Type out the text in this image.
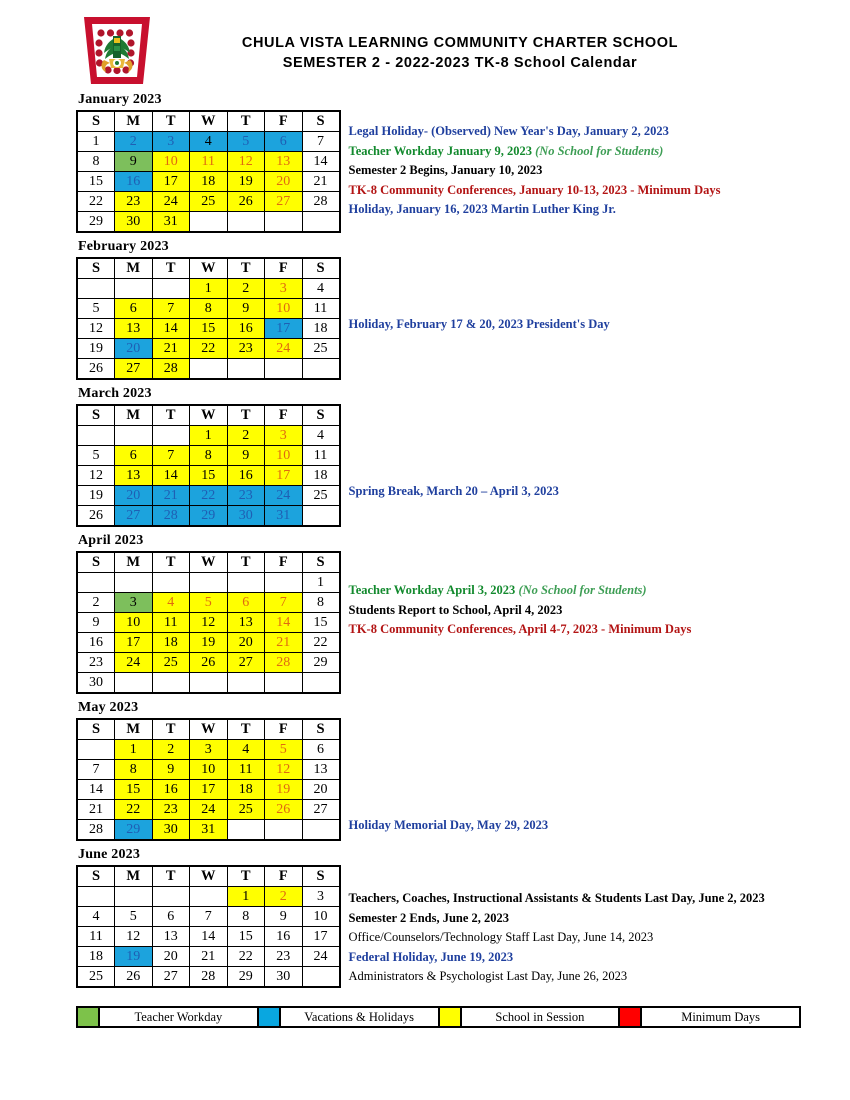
CHULA VISTA LEARNING COMMUNITY CHARTER SCHOOL
SEMESTER 2 - 2022-2023 TK-8 School Calendar
January 2023
S	M	T	W	T	F	S
1	2	3	4	5	6	7
8	9	10	11	12	13	14
15	16	17	18	19	20	21
22	23	24	25	26	27	28
29	30	31				
Legal Holiday- (Observed) New Year's Day, January 2, 2023
Teacher Workday January 9, 2023 (No School for Students)
Semester 2 Begins, January 10, 2023
TK-8 Community Conferences, January 10-13, 2023 - Minimum Days
Holiday, January 16, 2023 Martin Luther King Jr.
February 2023
S	M	T	W	T	F	S
			1	2	3	4
5	6	7	8	9	10	11
12	13	14	15	16	17	18
19	20	21	22	23	24	25
26	27	28				
Holiday, February 17 & 20, 2023 President's Day
March 2023
S	M	T	W	T	F	S
			1	2	3	4
5	6	7	8	9	10	11
12	13	14	15	16	17	18
19	20	21	22	23	24	25
26	27	28	29	30	31	
Spring Break, March 20 – April 3, 2023
April 2023
S	M	T	W	T	F	S
						1
2	3	4	5	6	7	8
9	10	11	12	13	14	15
16	17	18	19	20	21	22
23	24	25	26	27	28	29
30						
Teacher Workday April 3, 2023 (No School for Students)
Students Report to School, April 4, 2023
TK-8 Community Conferences, April 4-7, 2023 - Minimum Days
May 2023
S	M	T	W	T	F	S
	1	2	3	4	5	6
7	8	9	10	11	12	13
14	15	16	17	18	19	20
21	22	23	24	25	26	27
28	29	30	31				Holiday Memorial Day, May 29, 2023
June 2023
S	M	T	W	T	F	S
				1	2	3
4	5	6	7	8	9	10
11	12	13	14	15	16	17
18	19	20	21	22	23	24
25	26	27	28	29	30	
Teachers, Coaches, Instructional Assistants & Students Last Day, June 2, 2023
Semester 2 Ends, June 2, 2023
Office/Counselors/Technology Staff Last Day, June 14, 2023
Federal Holiday, June 19, 2023
Administrators & Psychologist Last Day, June 26, 2023
Teacher Workday	Vacations & Holidays	School in Session	Minimum Days
